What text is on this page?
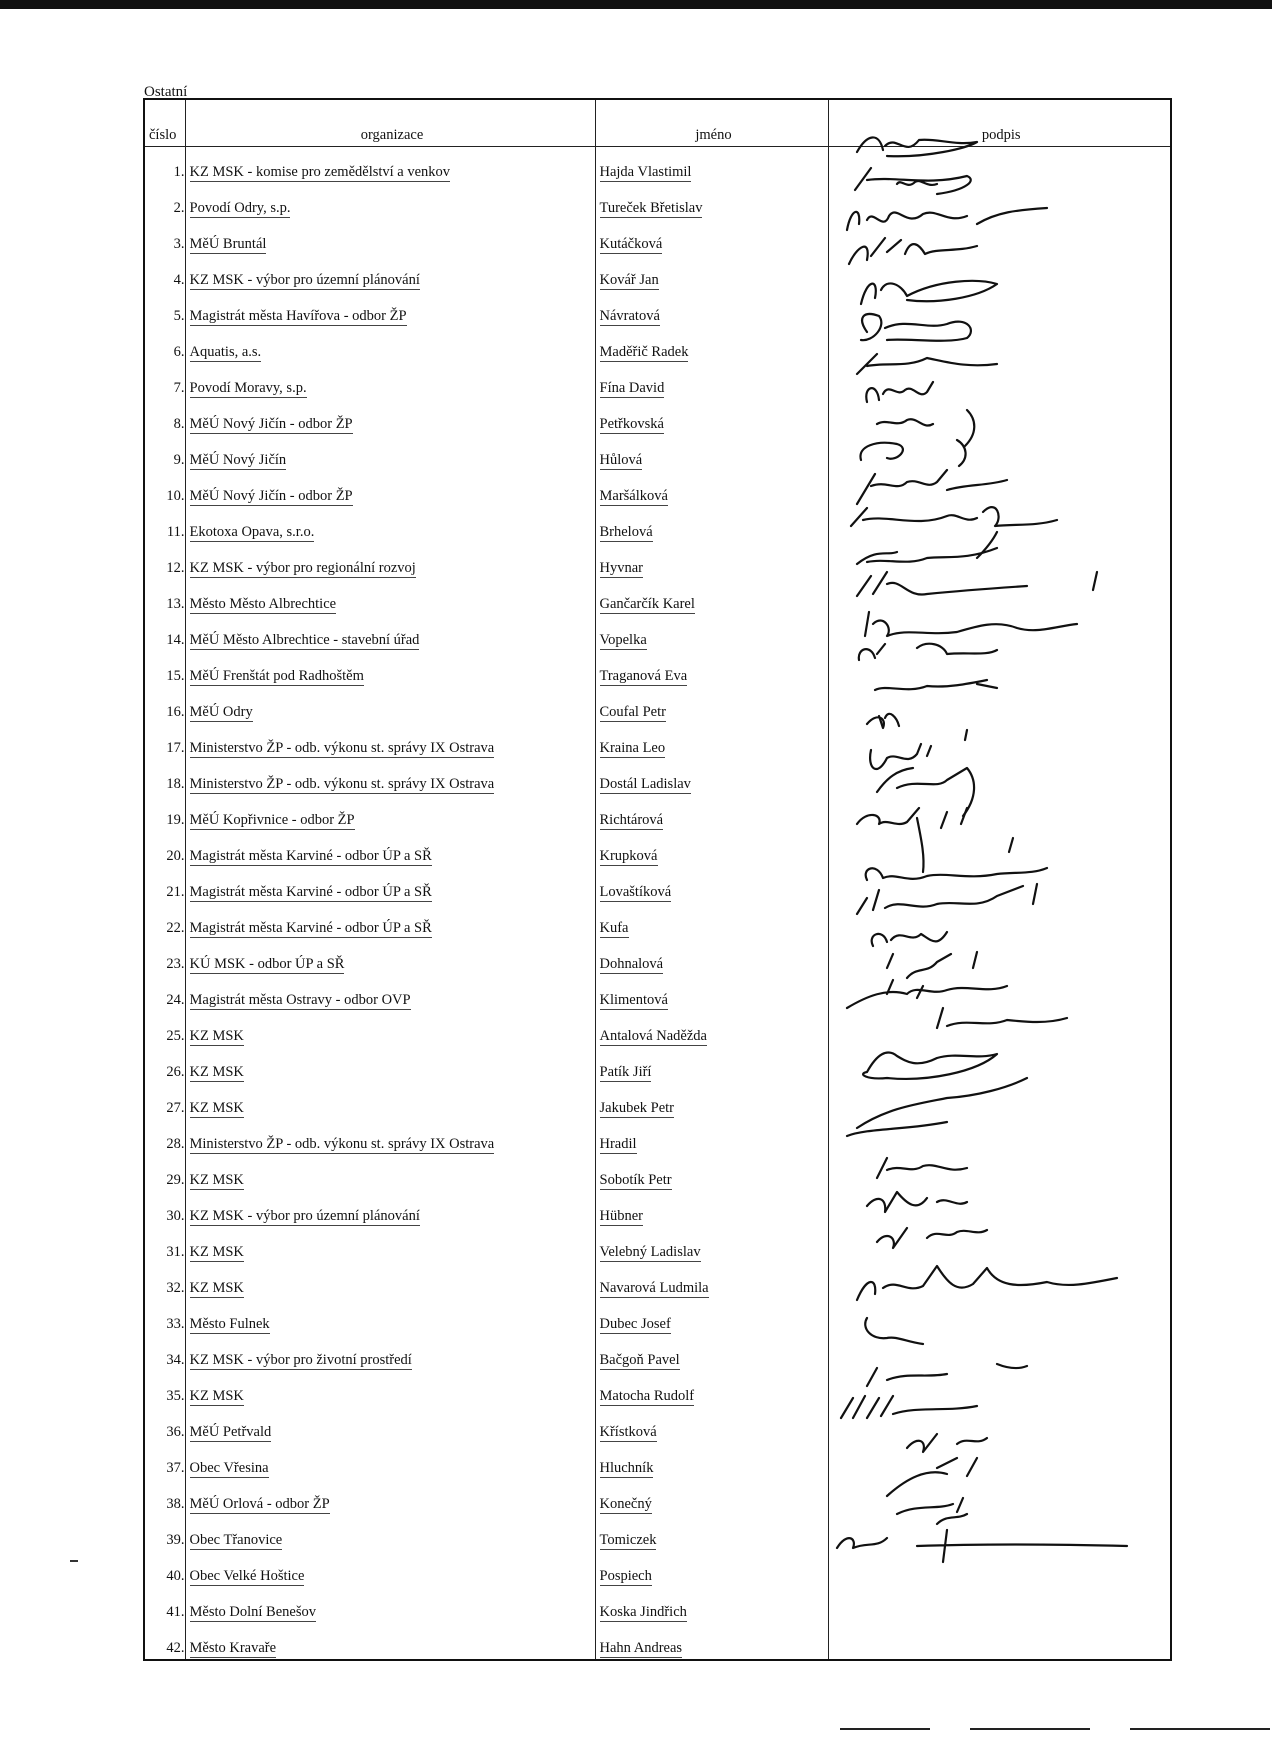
Ostatní
číslo	organizace	jméno	podpis
1.	KZ MSK - komise pro zemědělství a venkov	Hajda Vlastimil	
2.	Povodí Odry, s.p.	Tureček Břetislav	
3.	MěÚ Bruntál	Kutáčková	
4.	KZ MSK - výbor pro územní plánování	Kovář Jan	
5.	Magistrát města Havířova - odbor ŽP	Návratová	
6.	Aquatis, a.s.	Maděřič Radek	
7.	Povodí Moravy, s.p.	Fína David	
8.	MěÚ Nový Jičín - odbor ŽP	Petřkovská	
9.	MěÚ Nový Jičín	Hůlová	
10.	MěÚ Nový Jičín - odbor ŽP	Maršálková	
11.	Ekotoxa Opava, s.r.o.	Brhelová	
12.	KZ MSK - výbor pro regionální rozvoj	Hyvnar	
13.	Město Město Albrechtice	Gančarčík Karel	
14.	MěÚ Město Albrechtice - stavební úřad	Vopelka	
15.	MěÚ Frenštát pod Radhoštěm	Traganová Eva	
16.	MěÚ Odry	Coufal Petr	
17.	Ministerstvo ŽP - odb. výkonu st. správy IX Ostrava	Kraina Leo	
18.	Ministerstvo ŽP - odb. výkonu st. správy IX Ostrava	Dostál Ladislav	
19.	MěÚ Kopřivnice - odbor ŽP	Richtárová	
20.	Magistrát města Karviné - odbor ÚP a SŘ	Krupková	
21.	Magistrát města Karviné - odbor ÚP a SŘ	Lovaštíková	
22.	Magistrát města Karviné - odbor ÚP a SŘ	Kufa	
23.	KÚ MSK - odbor ÚP a SŘ	Dohnalová	
24.	Magistrát města Ostravy - odbor OVP	Klimentová	
25.	KZ MSK	Antalová Naděžda	
26.	KZ MSK	Patík Jiří	
27.	KZ MSK	Jakubek Petr	
28.	Ministerstvo ŽP - odb. výkonu st. správy IX Ostrava	Hradil	
29.	KZ MSK	Sobotík Petr	
30.	KZ MSK - výbor pro územní plánování	Hübner	
31.	KZ MSK	Velebný Ladislav	
32.	KZ MSK	Navarová Ludmila	
33.	Město Fulnek	Dubec Josef	
34.	KZ MSK - výbor pro životní prostředí	Bačgoň Pavel	
35.	KZ MSK	Matocha Rudolf	
36.	MěÚ Petřvald	Křístková	
37.	Obec Vřesina	Hluchník	
38.	MěÚ Orlová - odbor ŽP	Konečný	
39.	Obec Třanovice	Tomiczek	
40.	Obec Velké Hoštice	Pospiech	
41.	Město Dolní Benešov	Koska Jindřich	
42.	Město Kravaře	Hahn Andreas	
